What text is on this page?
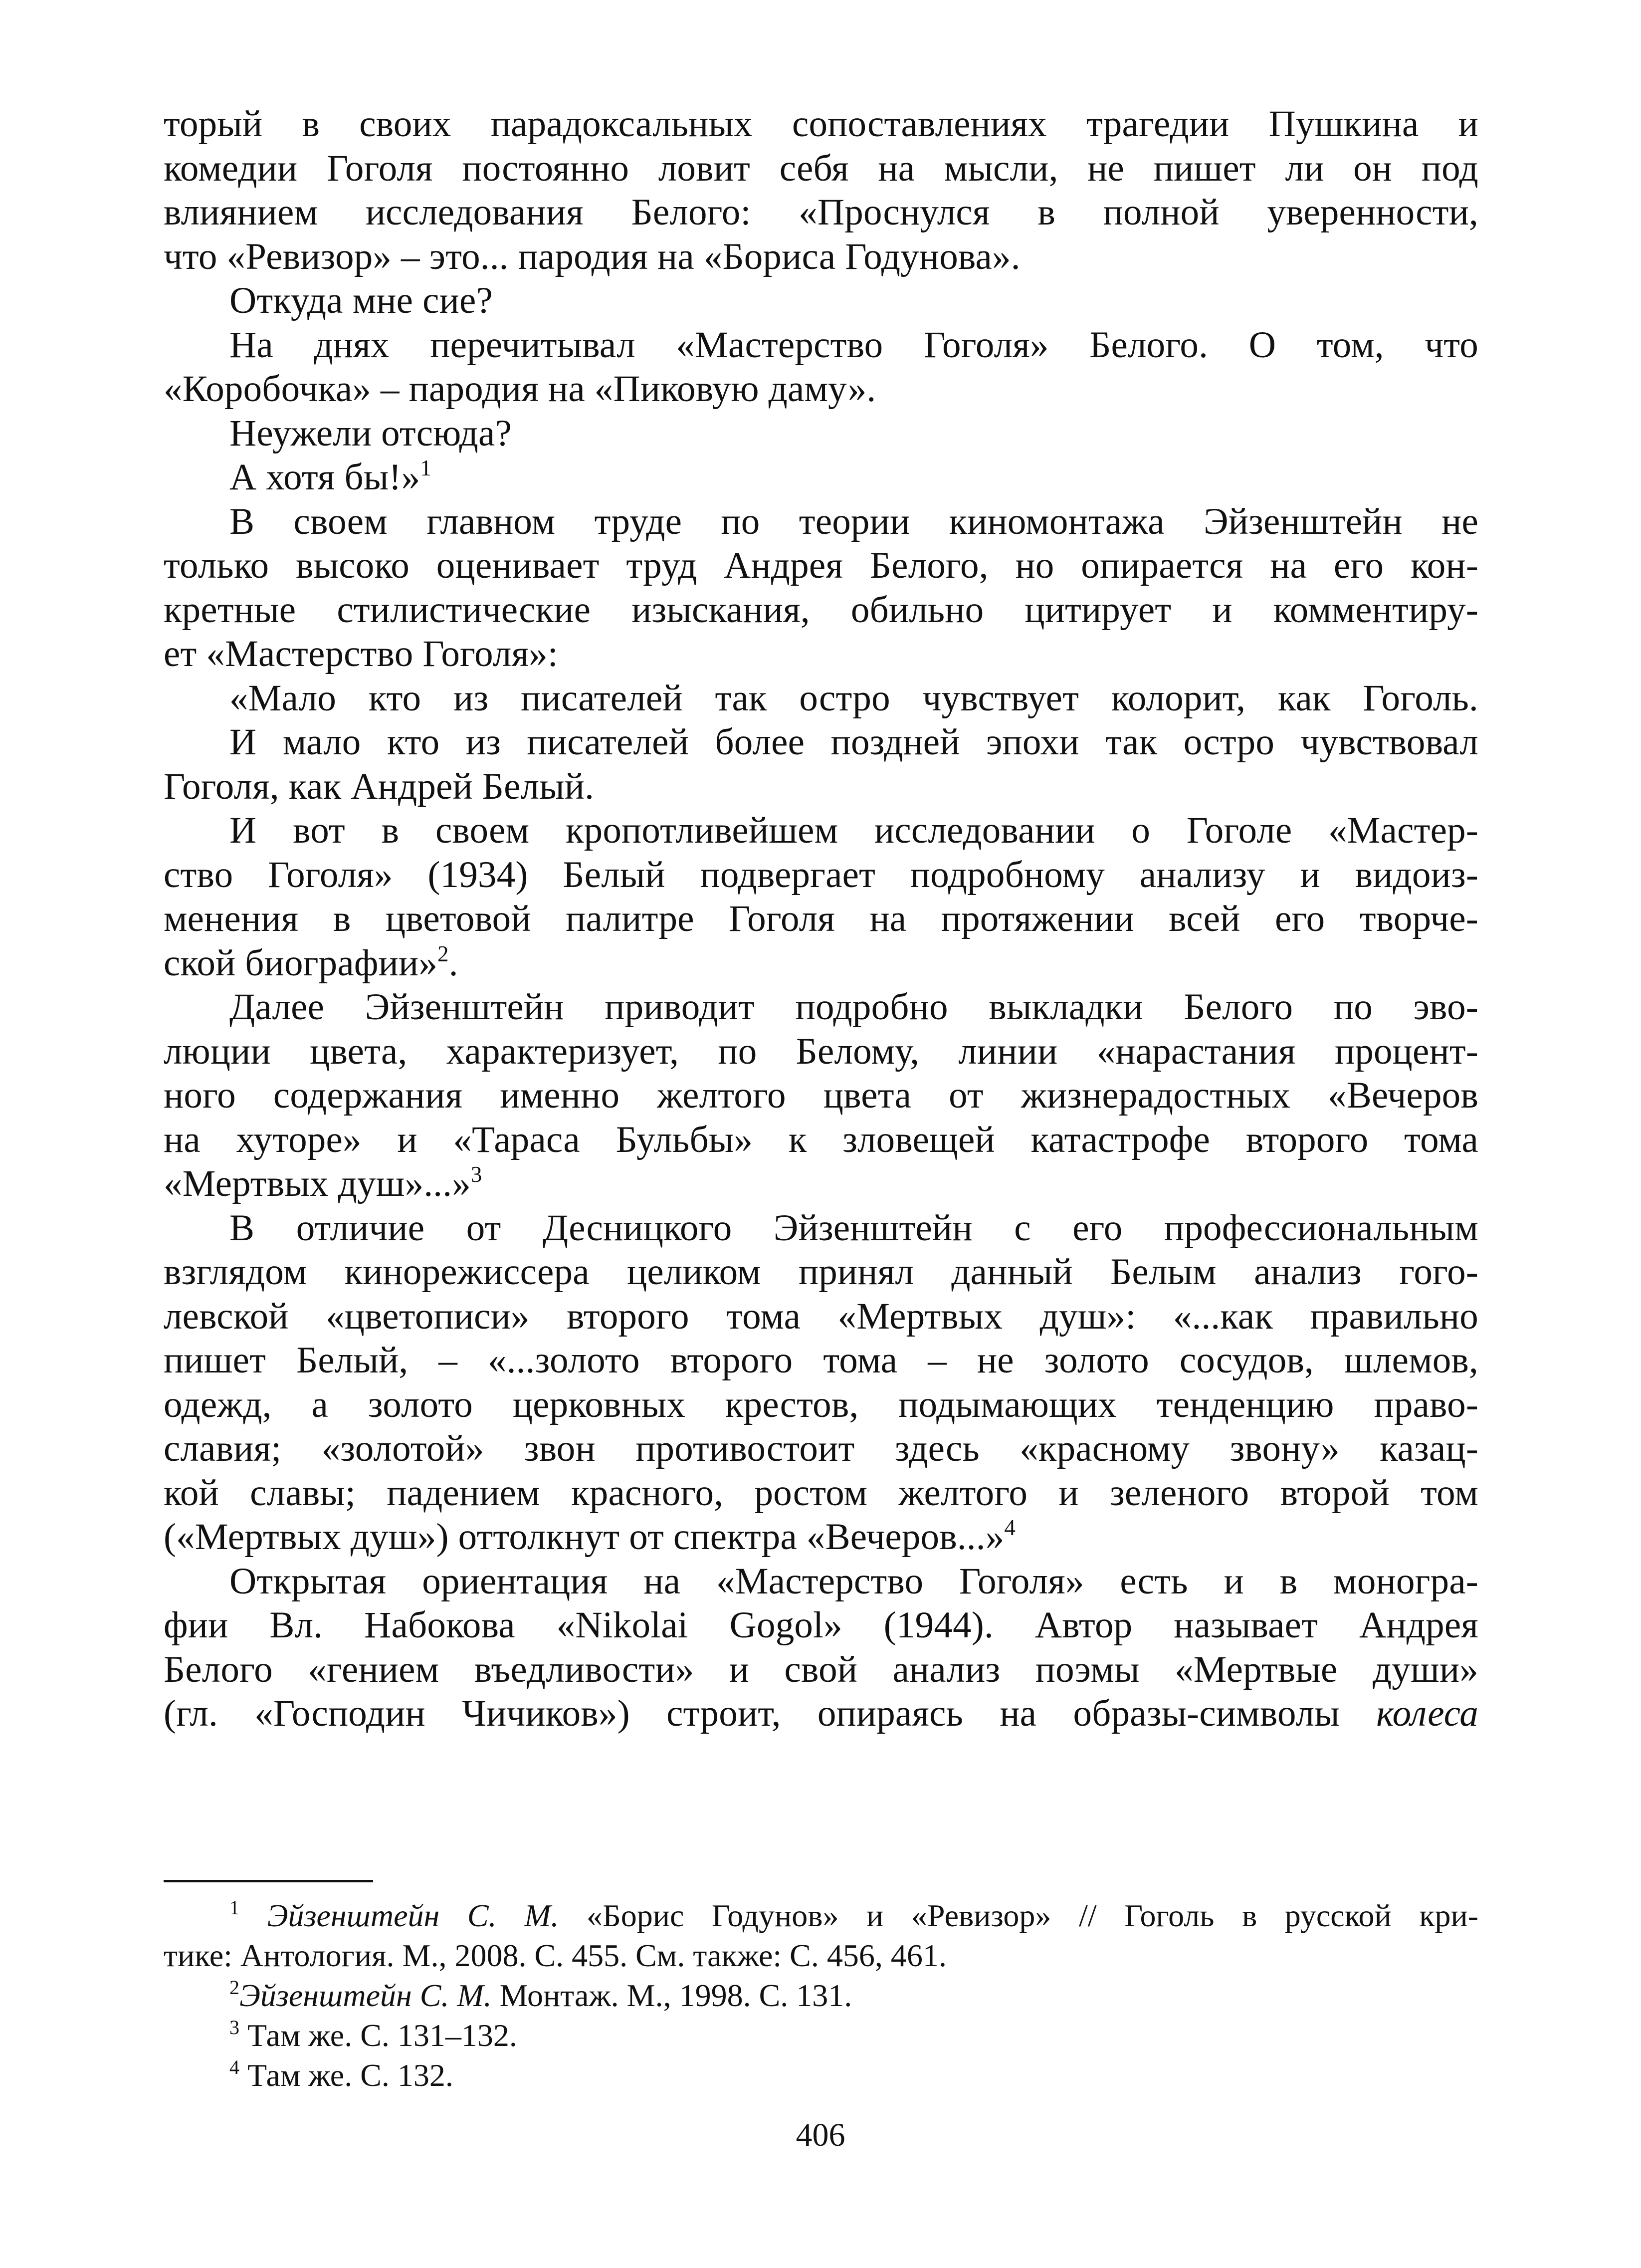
торый в своих парадоксальных сопоставлениях трагедии Пушкина и
комедии Гоголя постоянно ловит себя на мысли, не пишет ли он под
влиянием исследования Белого: «Проснулся в полной уверенности,
что «Ревизор» – это... пародия на «Бориса Годунова».
Откуда мне сие?
На днях перечитывал «Мастерство Гоголя» Белого. О том, что
«Коробочка» – пародия на «Пиковую даму».
Неужели отсюда?
А хотя бы!»$^1$
В своем главном труде по теории киномонтажа Эйзенштейн не
только высоко оценивает труд Андрея Белого, но опирается на его кон-
кретные стилистические изыскания, обильно цитирует и комментиру-
ет «Мастерство Гоголя»:
«Мало кто из писателей так остро чувствует колорит, как Гоголь.
И мало кто из писателей более поздней эпохи так остро чувствовал
Гоголя, как Андрей Белый.
И вот в своем кропотливейшем исследовании о Гоголе «Мастер-
ство Гоголя» (1934) Белый подвергает подробному анализу и видоиз-
менения в цветовой палитре Гоголя на протяжении всей его творче-
ской биографии»$^2$.
Далее Эйзенштейн приводит подробно выкладки Белого по эво-
люции цвета, характеризует, по Белому, линии «нарастания процент-
ного содержания именно желтого цвета от жизнерадостных «Вечеров
на хуторе» и «Тараса Бульбы» к зловещей катастрофе второго тома
«Мертвых душ»...»$^3$
В отличие от Десницкого Эйзенштейн с его профессиональным
взглядом кинорежиссера целиком принял данный Белым анализ гого-
левской «цветописи» второго тома «Мертвых душ»: «...как правильно
пишет Белый, – «...золото второго тома – не золото сосудов, шлемов,
одежд, а золото церковных крестов, подымающих тенденцию право-
славия; «золотой» звон противостоит здесь «красному звону» казац-
кой славы; падением красного, ростом желтого и зеленого второй том
(«Мертвых душ») оттолкнут от спектра «Вечеров...»$^4$
Открытая ориентация на «Мастерство Гоголя» есть и в моногра-
фии Вл. Набокова «Nikolai Gogol» (1944). Автор называет Андрея
Белого «гением въедливости» и свой анализ поэмы «Мертвые души»
(гл. «Господин Чичиков») строит, опираясь на образы-символы колеса
$^1$ Эйзенштейн С. М. «Борис Годунов» и «Ревизор» // Гоголь в русской кри-
тике: Антология. М., 2008. С. 455. См. также: С. 456, 461.
$^2$Эйзенштейн С. М. Монтаж. М., 1998. С. 131.
$^3$ Там же. С. 131–132.
$^4$ Там же. С. 132.
406
